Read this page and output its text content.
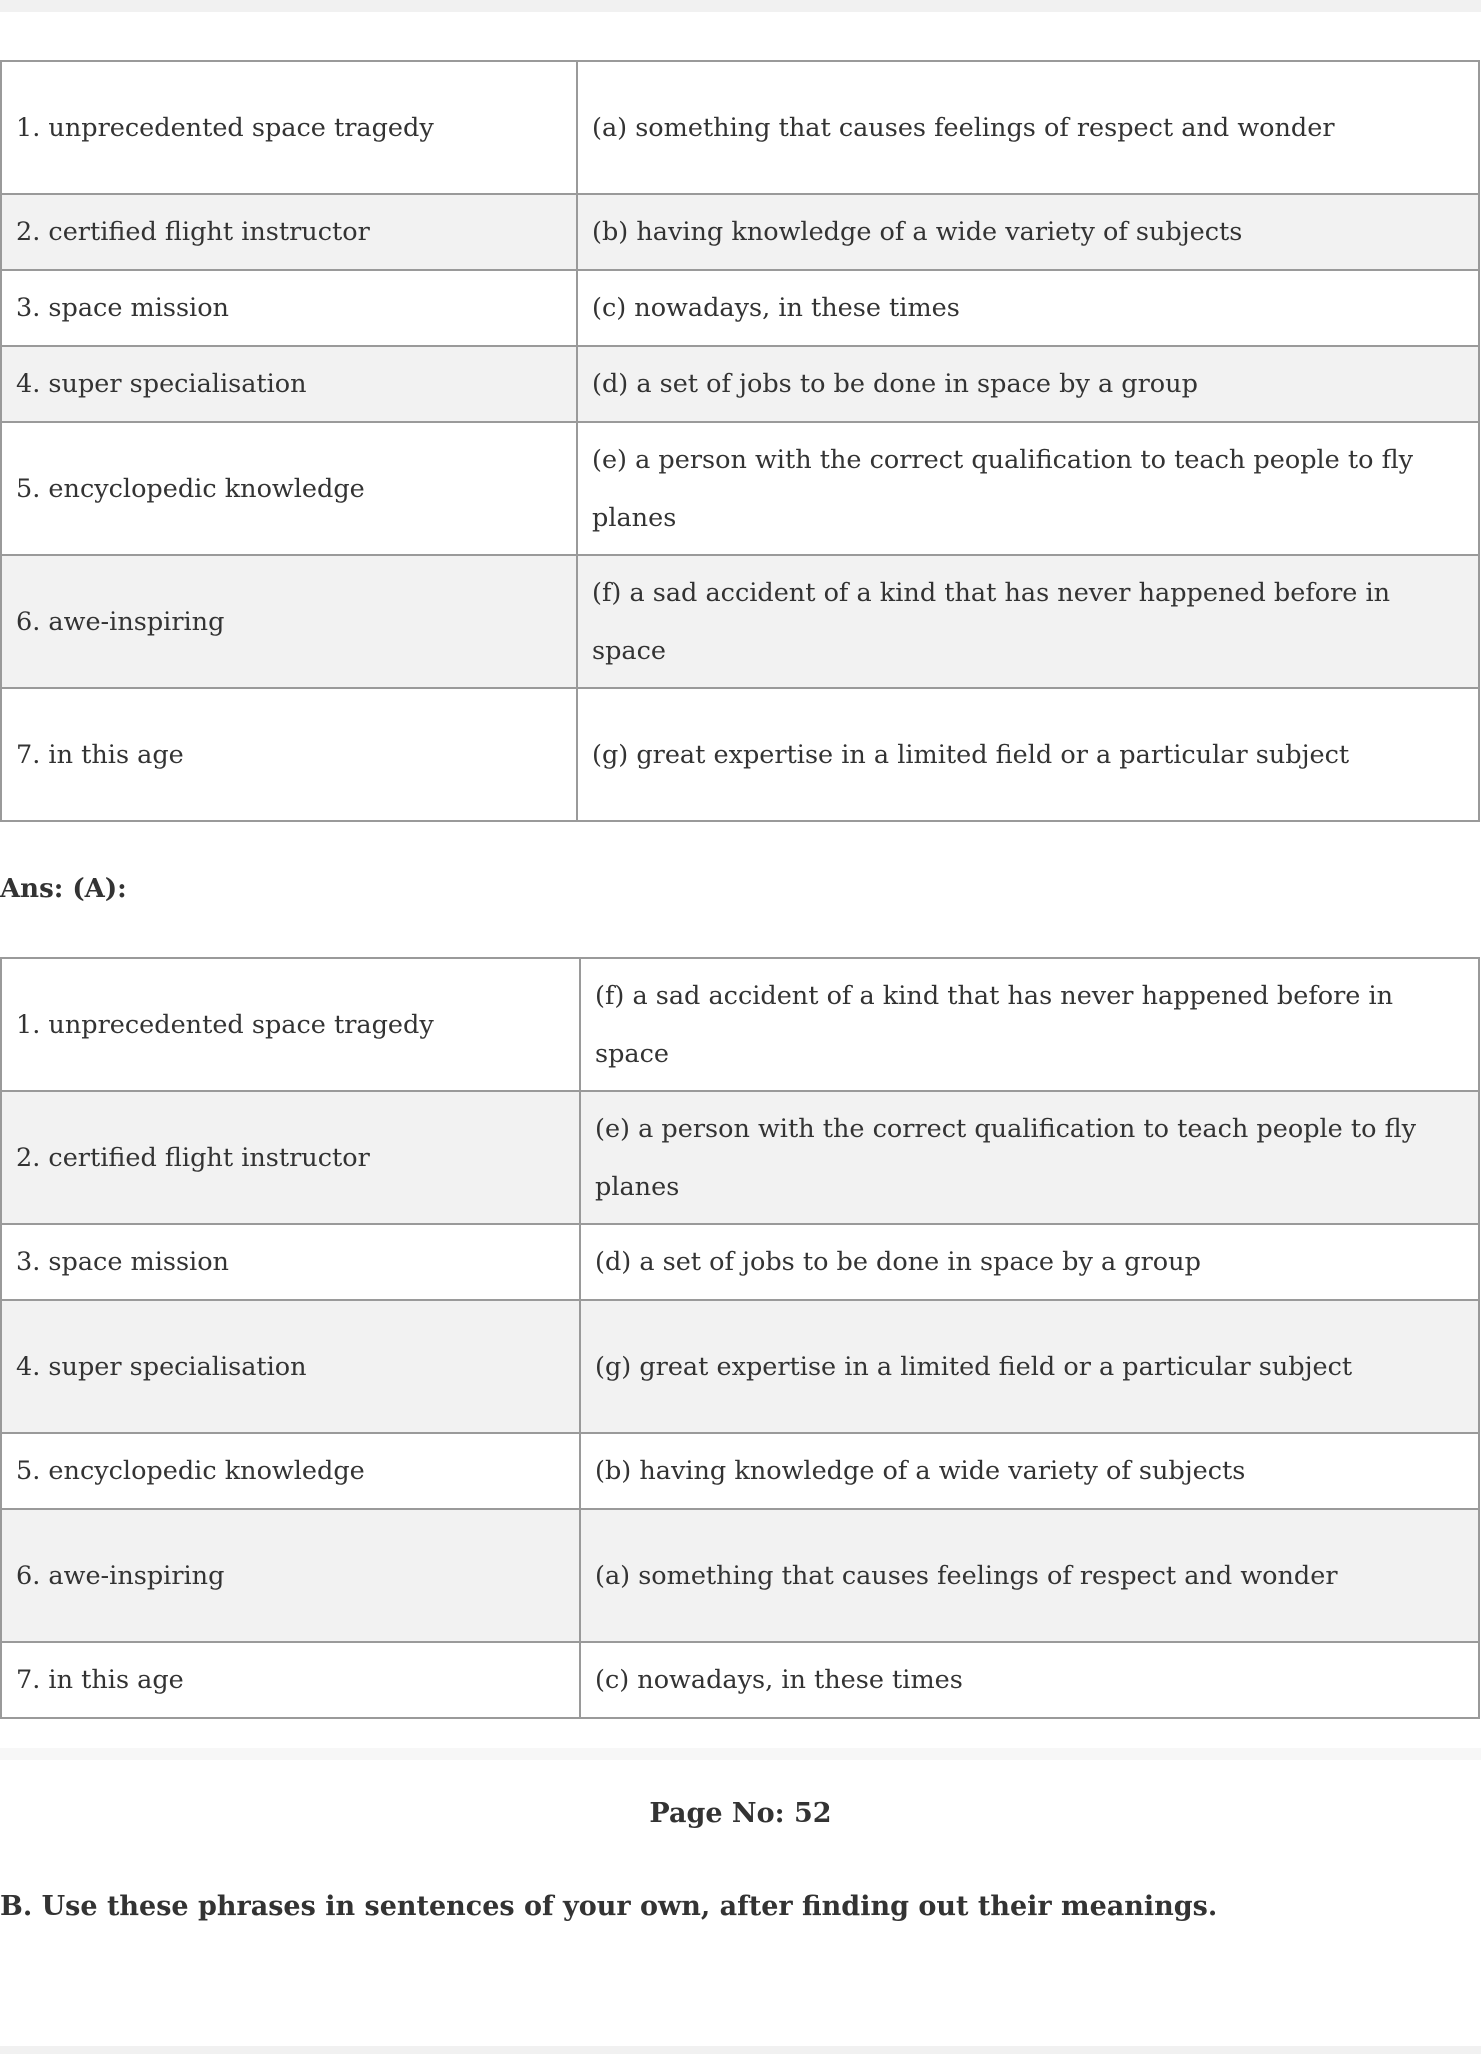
1. unprecedented space tragedy	(a) something that causes feelings of respect and wonder
2. certified flight instructor	(b) having knowledge of a wide variety of subjects
3. space mission	(c) nowadays, in these times
4. super specialisation	(d) a set of jobs to be done in space by a group
5. encyclopedic knowledge	(e) a person with the correct qualification to teach people to fly planes
6. awe-inspiring	(f) a sad accident of a kind that has never happened before in space
7. in this age	(g) great expertise in a limited field or a particular subject
Ans: (A):
1. unprecedented space tragedy	(f) a sad accident of a kind that has never happened before in space
2. certified flight instructor	(e) a person with the correct qualification to teach people to fly planes
3. space mission	(d) a set of jobs to be done in space by a group
4. super specialisation	(g) great expertise in a limited field or a particular subject
5. encyclopedic knowledge	(b) having knowledge of a wide variety of subjects
6. awe-inspiring	(a) something that causes feelings of respect and wonder
7. in this age	(c) nowadays, in these times
Page No: 52
B. Use these phrases in sentences of your own, after finding out their meanings.
